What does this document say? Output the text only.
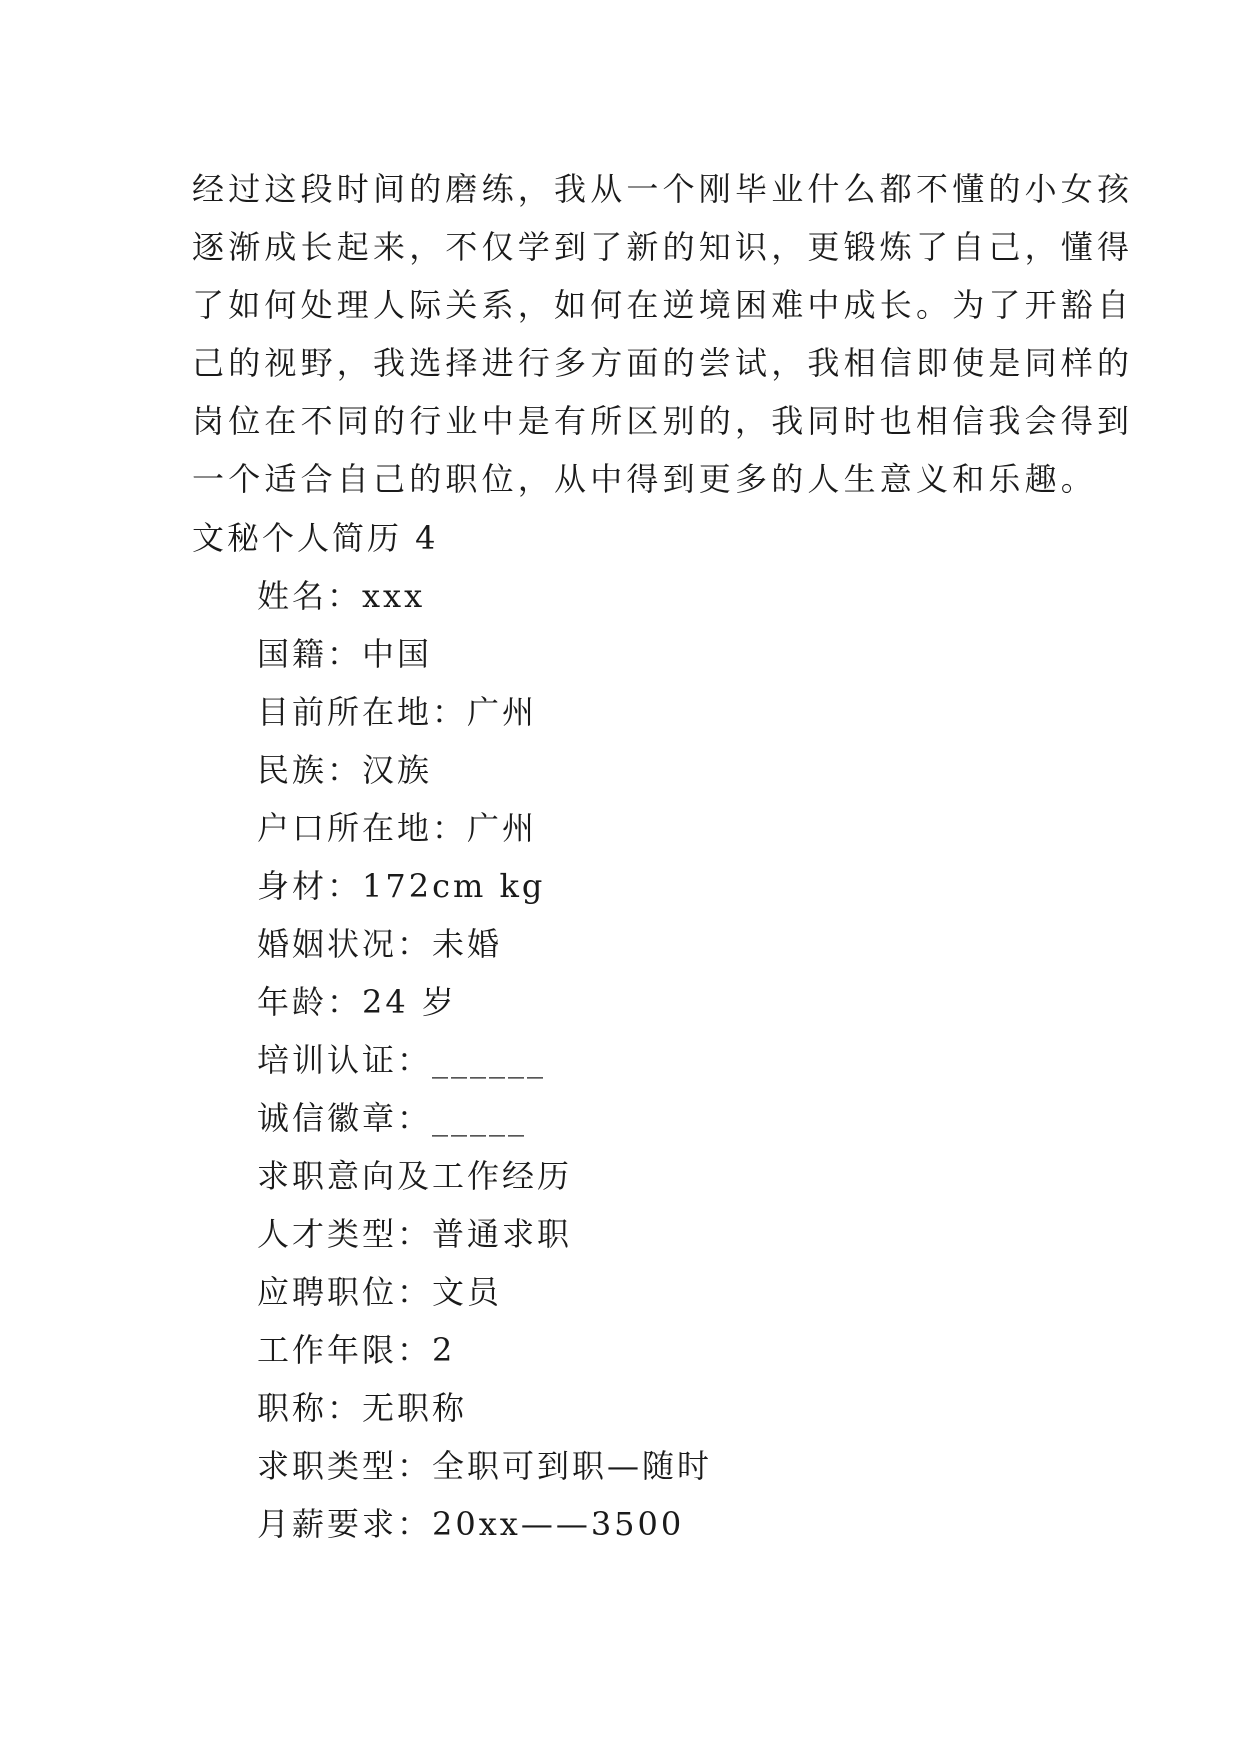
经过这段时间的磨练，我从一个刚毕业什么都不懂的小女孩
逐渐成长起来，不仅学到了新的知识，更锻炼了自己，懂得
了如何处理人际关系，如何在逆境困难中成长。为了开豁自
己的视野，我选择进行多方面的尝试，我相信即使是同样的
岗位在不同的行业中是有所区别的，我同时也相信我会得到
一个适合自己的职位，从中得到更多的人生意义和乐趣。

文秘个人简历 4
姓名：xxx
国籍：中国
目前所在地：广州
民族：汉族
户口所在地：广州
身材：172cm kg
婚姻状况：未婚
年龄：24 岁
培训认证：______
诚信徽章：_____
求职意向及工作经历
人才类型：普通求职
应聘职位：文员
工作年限：2
职称：无职称
求职类型：全职可到职—随时
月薪要求：20xx——3500
